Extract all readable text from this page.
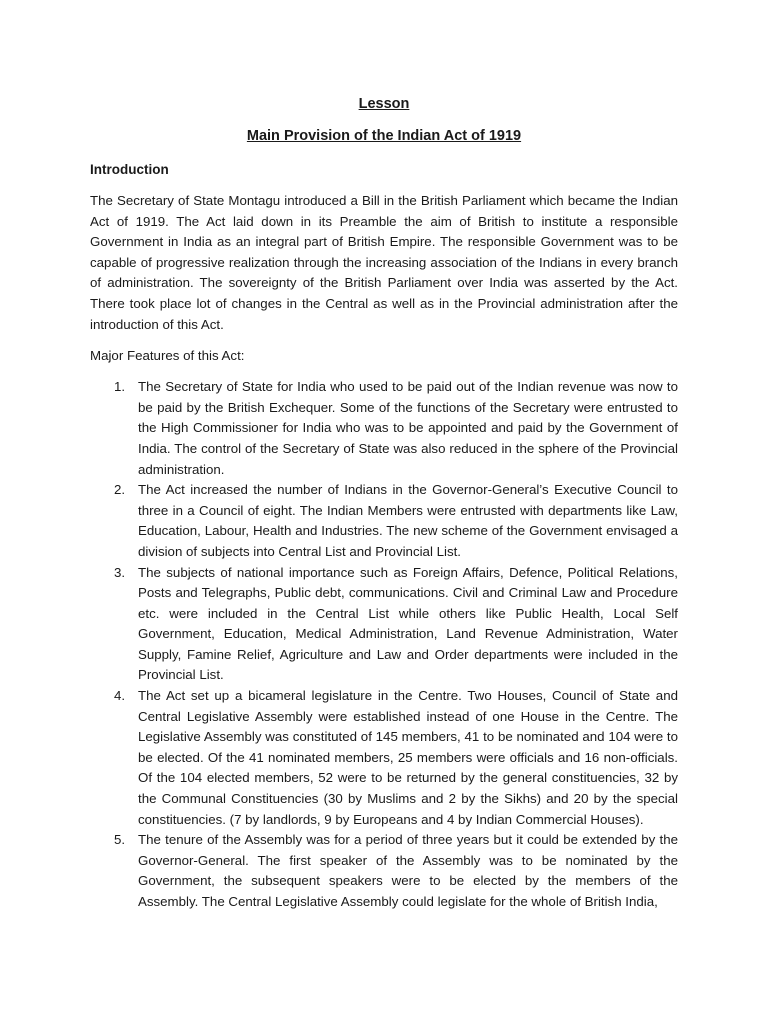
Lesson
Main Provision of the Indian Act of 1919
Introduction

The Secretary of State Montagu introduced a Bill in the British Parliament which became the Indian Act of 1919. The Act laid down in its Preamble the aim of British to institute a responsible Government in India as an integral part of British Empire. The responsible Government was to be capable of progressive realization through the increasing association of the Indians in every branch of administration. The sovereignty of the British Parliament over India was asserted by the Act. There took place lot of changes in the Central as well as in the Provincial administration after the introduction of this Act.

Major Features of this Act:
1. The Secretary of State for India who used to be paid out of the Indian revenue was now to be paid by the British Exchequer. Some of the functions of the Secretary were entrusted to the High Commissioner for India who was to be appointed and paid by the Government of India. The control of the Secretary of State was also reduced in the sphere of the Provincial administration.
2. The Act increased the number of Indians in the Governor-General’s Executive Council to three in a Council of eight. The Indian Members were entrusted with departments like Law, Education, Labour, Health and Industries. The new scheme of the Government envisaged a division of subjects into Central List and Provincial List.
3. The subjects of national importance such as Foreign Affairs, Defence, Political Relations, Posts and Telegraphs, Public debt, communications. Civil and Criminal Law and Procedure etc. were included in the Central List while others like Public Health, Local Self Government, Education, Medical Administration, Land Revenue Administration, Water Supply, Famine Relief, Agriculture and Law and Order departments were included in the Provincial List.
4. The Act set up a bicameral legislature in the Centre. Two Houses, Council of State and Central Legislative Assembly were established instead of one House in the Centre. The Legislative Assembly was constituted of 145 members, 41 to be nominated and 104 were to be elected. Of the 41 nominated members, 25 members were officials and 16 non-officials. Of the 104 elected members, 52 were to be returned by the general constituencies, 32 by the Communal Constituencies (30 by Muslims and 2 by the Sikhs) and 20 by the special constituencies. (7 by landlords, 9 by Europeans and 4 by Indian Commercial Houses).
5. The tenure of the Assembly was for a period of three years but it could be extended by the Governor-General. The first speaker of the Assembly was to be nominated by the Government, the subsequent speakers were to be elected by the members of the Assembly. The Central Legislative Assembly could legislate for the whole of British India,
